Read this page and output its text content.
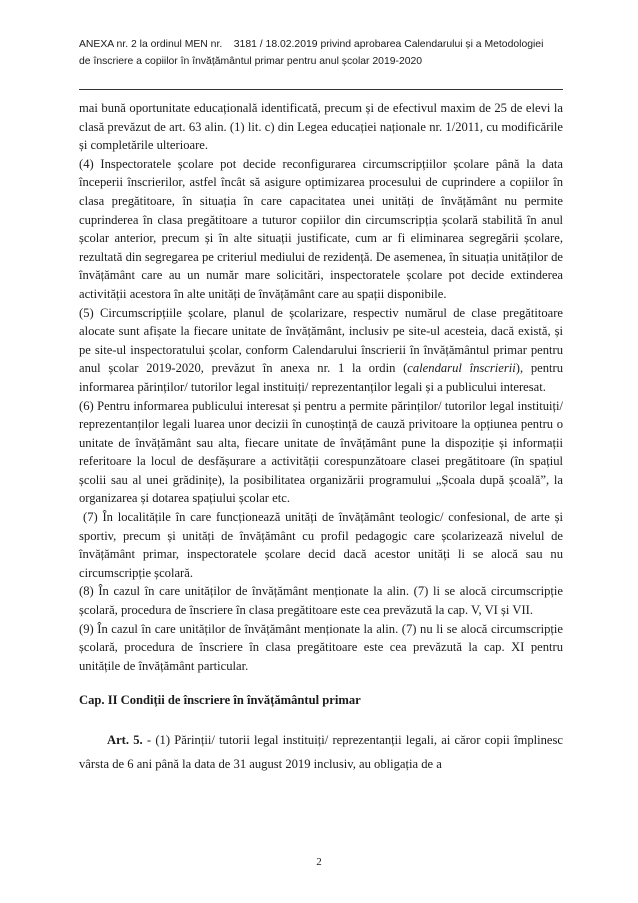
ANEXA nr. 2 la ordinul MEN nr.    3181 / 18.02.2019 privind aprobarea Calendarului și a Metodologiei
de înscriere a copiilor în învățământul primar pentru anul școlar 2019-2020

mai bună oportunitate educațională identificată, precum și de efectivul maxim de 25 de elevi la clasă prevăzut de art. 63 alin. (1) lit. c) din Legea educației naționale nr. 1/2011, cu modificările și completările ulterioare.

(4) Inspectoratele școlare pot decide reconfigurarea circumscripțiilor școlare până la data începerii înscrierilor, astfel încât să asigure optimizarea procesului de cuprindere a copiilor în clasa pregătitoare, în situația în care capacitatea unei unități de învățământ nu permite cuprinderea în clasa pregătitoare a tuturor copiilor din circumscripția școlară stabilită în anul școlar anterior, precum și în alte situații justificate, cum ar fi eliminarea segregării școlare, rezultată din segregarea pe criteriul mediului de rezidență. De asemenea, în situația unităților de învățământ care au un număr mare solicitări, inspectoratele școlare pot decide extinderea activității acestora în alte unități de învățământ care au spații disponibile.

(5) Circumscripțiile școlare, planul de școlarizare, respectiv numărul de clase pregătitoare alocate sunt afișate la fiecare unitate de învățământ, inclusiv pe site-ul acesteia, dacă există, și pe site-ul inspectoratului școlar, conform Calendarului înscrierii în învățământul primar pentru anul școlar 2019-2020, prevăzut în anexa nr. 1 la ordin (calendarul înscrierii), pentru informarea părinților/ tutorilor legal instituiți/ reprezentanților legali și a publicului interesat.

(6) Pentru informarea publicului interesat și pentru a permite părinților/ tutorilor legal instituiți/ reprezentanților legali luarea unor decizii în cunoștință de cauză privitoare la opțiunea pentru o unitate de învățământ sau alta, fiecare unitate de învățământ pune la dispoziție și informații referitoare la locul de desfășurare a activității corespunzătoare clasei pregătitoare (în spațiul școlii sau al unei grădinițe), la posibilitatea organizării programului „Școala după școală”, la organizarea și dotarea spațiului școlar etc.

(7) În localitățile în care funcționează unități de învățământ teologic/ confesional, de arte și sportiv, precum și unități de învățământ cu profil pedagogic care școlarizează nivelul de învățământ primar, inspectoratele școlare decid dacă acestor unități li se alocă sau nu circumscripție școlară.

(8) În cazul în care unităților de învățământ menționate la alin. (7) li se alocă circumscripție școlară, procedura de înscriere în clasa pregătitoare este cea prevăzută la cap. V, VI și VII.

(9) În cazul în care unităților de învățământ menționate la alin. (7) nu li se alocă circumscripție școlară, procedura de înscriere în clasa pregătitoare este cea prevăzută la cap. XI pentru unitățile de învățământ particular.

Cap. II Condiții de înscriere în învățământul primar

Art. 5. - (1) Părinții/ tutorii legal instituiți/ reprezentanții legali, ai căror copii împlinesc vârsta de 6 ani până la data de 31 august 2019 inclusiv, au obligația de a

2
